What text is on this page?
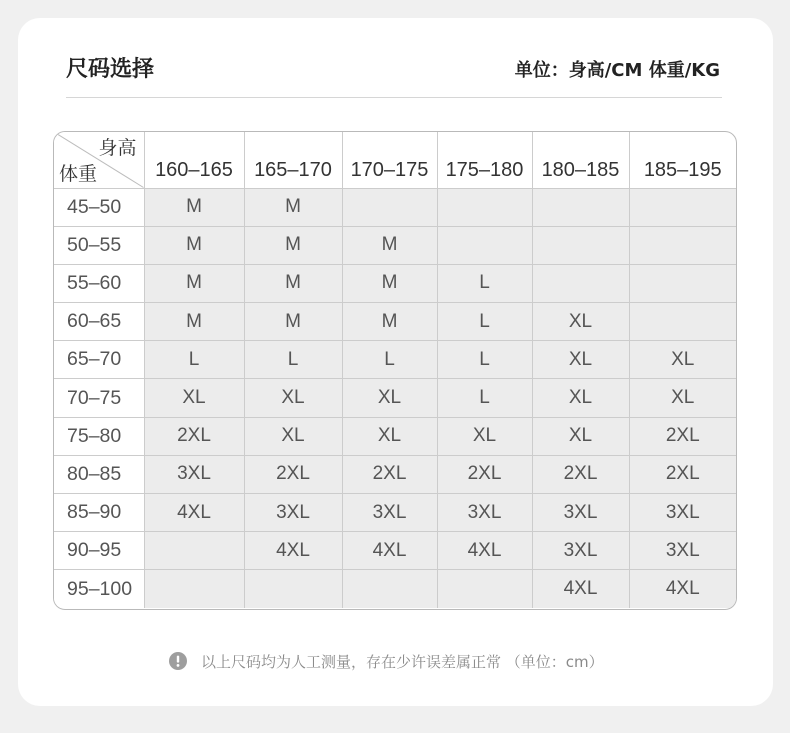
尺码选择	单位：身高/CM 体重/KG
身高
体重	160–165	165–170	170–175	175–180	180–185	185–195
45–50	M	M				
50–55	M	M	M			
55–60	M	M	M	L		
60–65	M	M	M	L	XL	
65–70	L	L	L	L	XL	XL
70–75	XL	XL	XL	L	XL	XL
75–80	2XL	XL	XL	XL	XL	2XL
80–85	3XL	2XL	2XL	2XL	2XL	2XL
85–90	4XL	3XL	3XL	3XL	3XL	3XL
90–95		4XL	4XL	4XL	3XL	3XL
95–100					4XL	4XL
以上尺码均为人工测量，存在少许误差属正常 （单位：cm）
